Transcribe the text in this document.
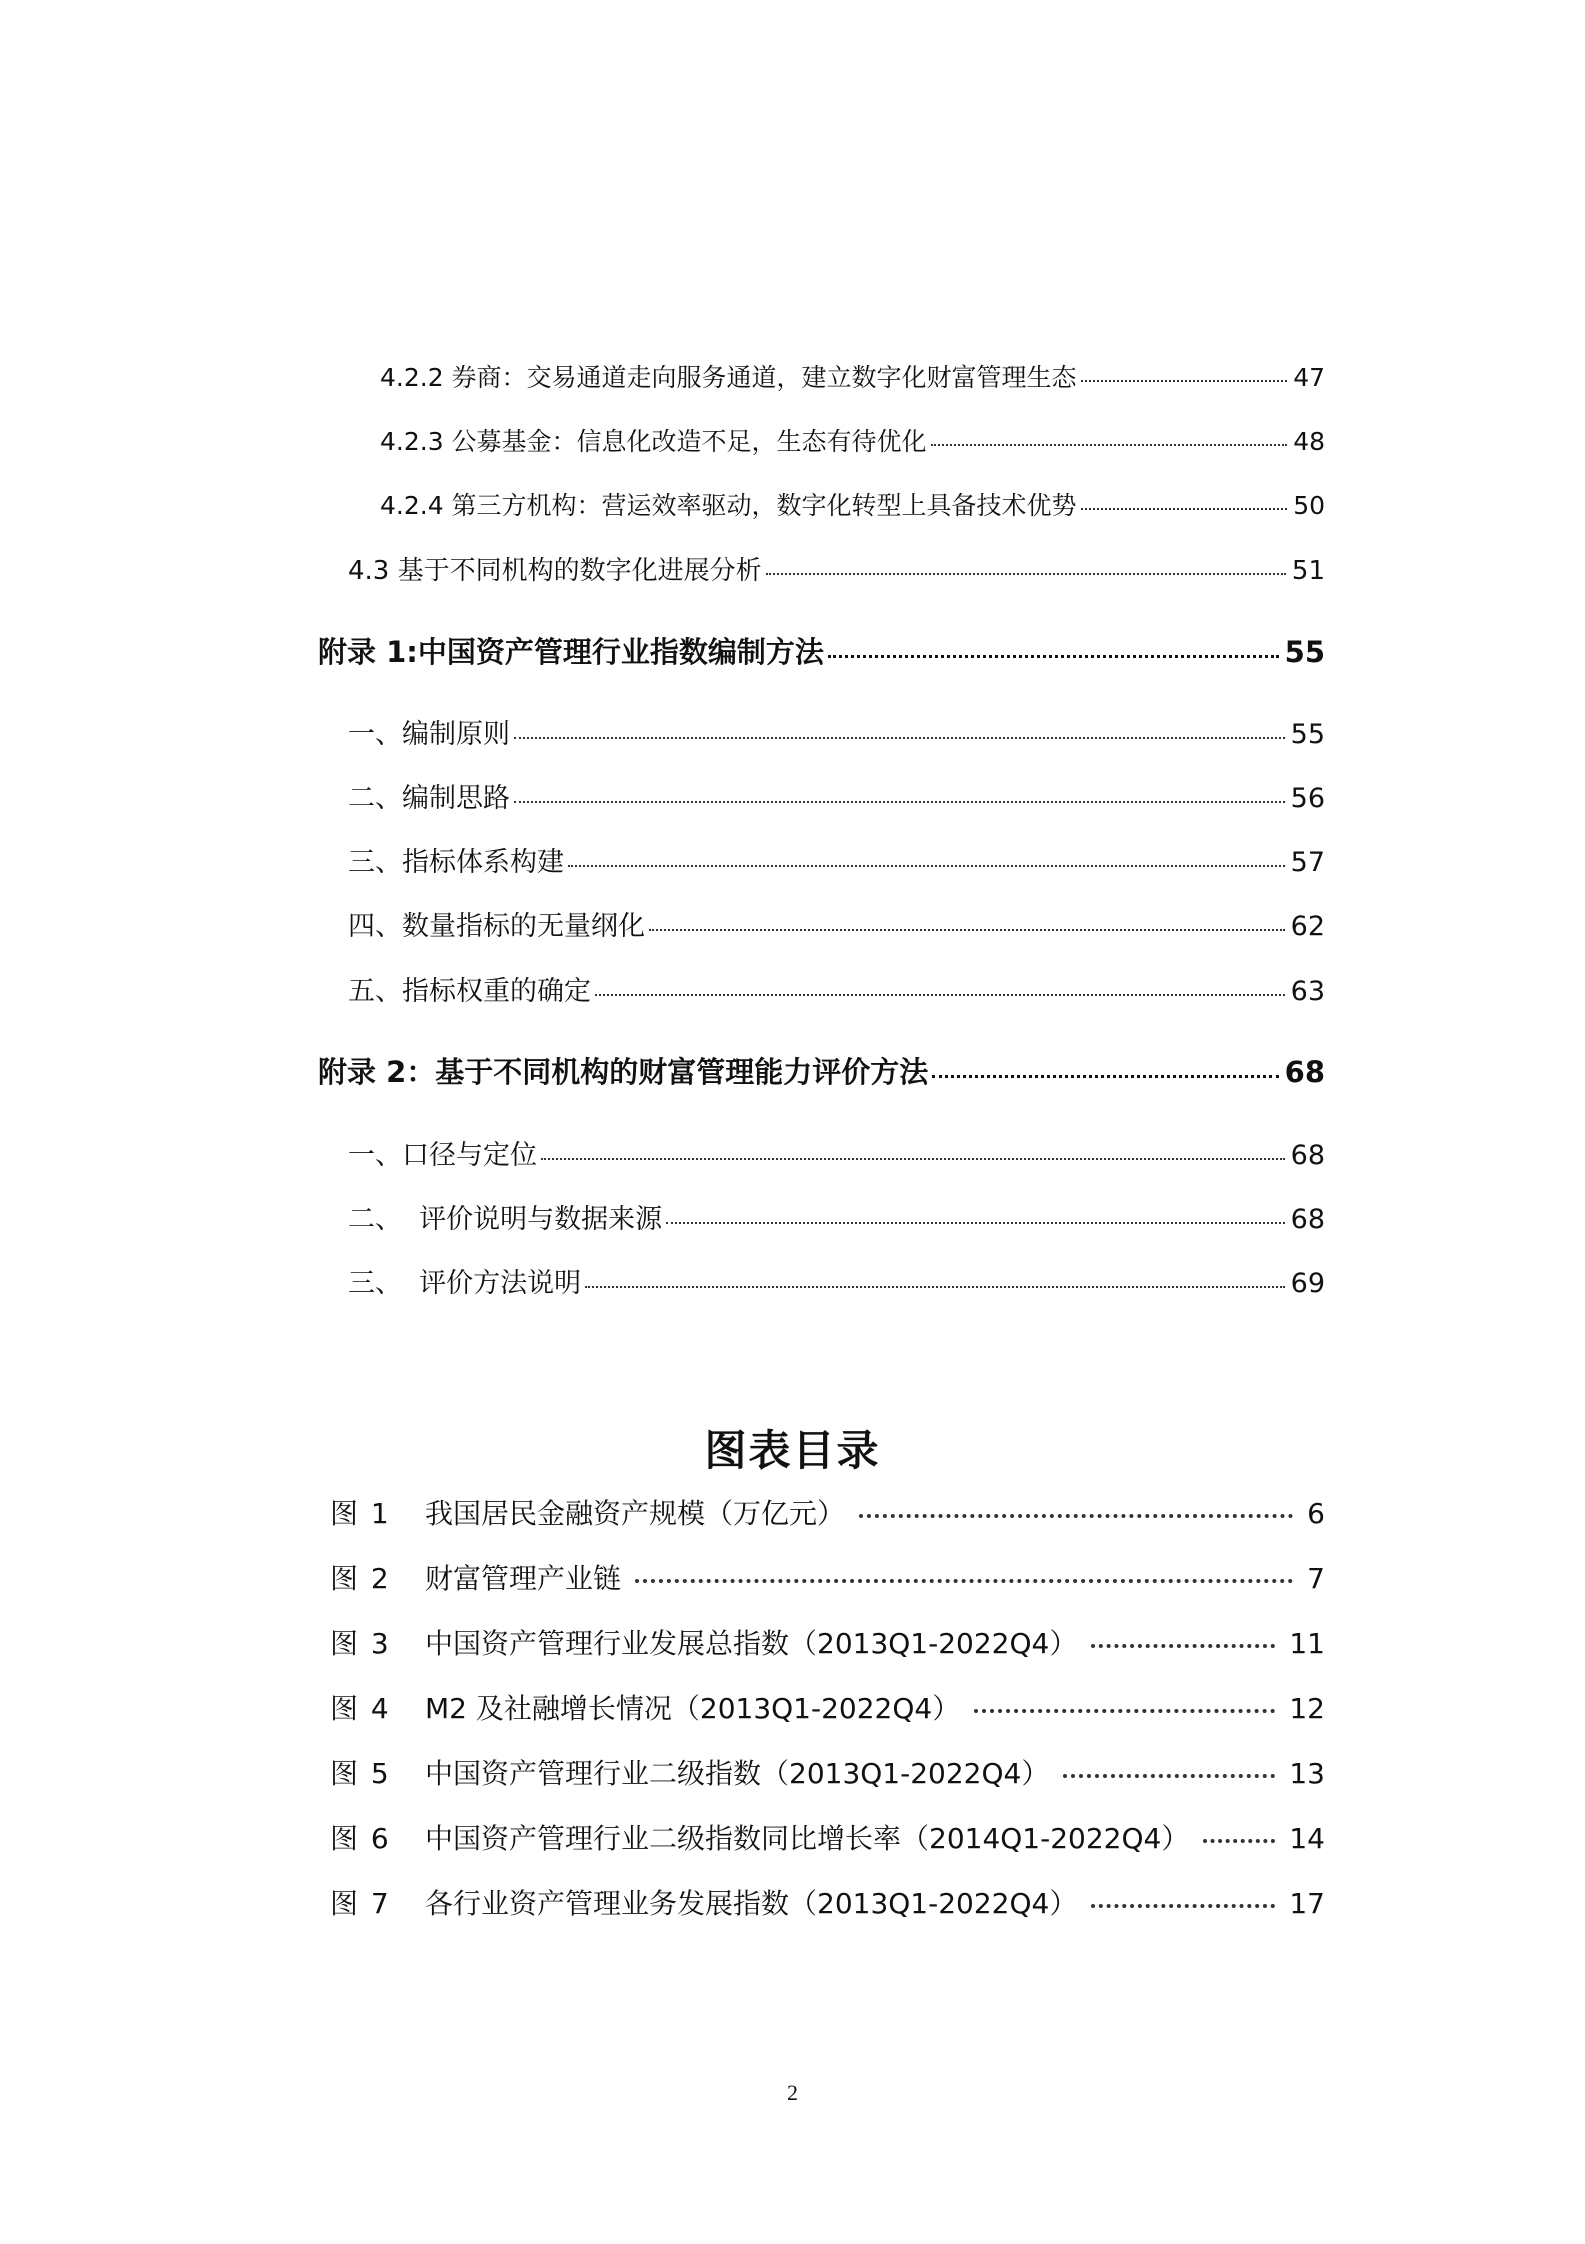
4.2.2 券商：交易通道走向服务通道，建立数字化财富管理生态	47
4.2.3 公募基金：信息化改造不足，生态有待优化	48
4.2.4 第三方机构：营运效率驱动，数字化转型上具备技术优势	50
4.3 基于不同机构的数字化进展分析	51
附录 1:中国资产管理行业指数编制方法	55
一、编制原则	55
二、编制思路	56
三、指标体系构建	57
四、数量指标的无量纲化	62
五、指标权重的确定	63
附录 2：基于不同机构的财富管理能力评价方法	68
一、口径与定位	68
二、  评价说明与数据来源	68
三、  评价方法说明	69
图表目录
图 1	我国居民金融资产规模（万亿元）	6
图 2	财富管理产业链	7
图 3	中国资产管理行业发展总指数（2013Q1-2022Q4）	11
图 4	M2 及社融增长情况（2013Q1-2022Q4）	12
图 5	中国资产管理行业二级指数（2013Q1-2022Q4）	13
图 6	中国资产管理行业二级指数同比增长率（2014Q1-2022Q4）	14
图 7	各行业资产管理业务发展指数（2013Q1-2022Q4）	17
2
